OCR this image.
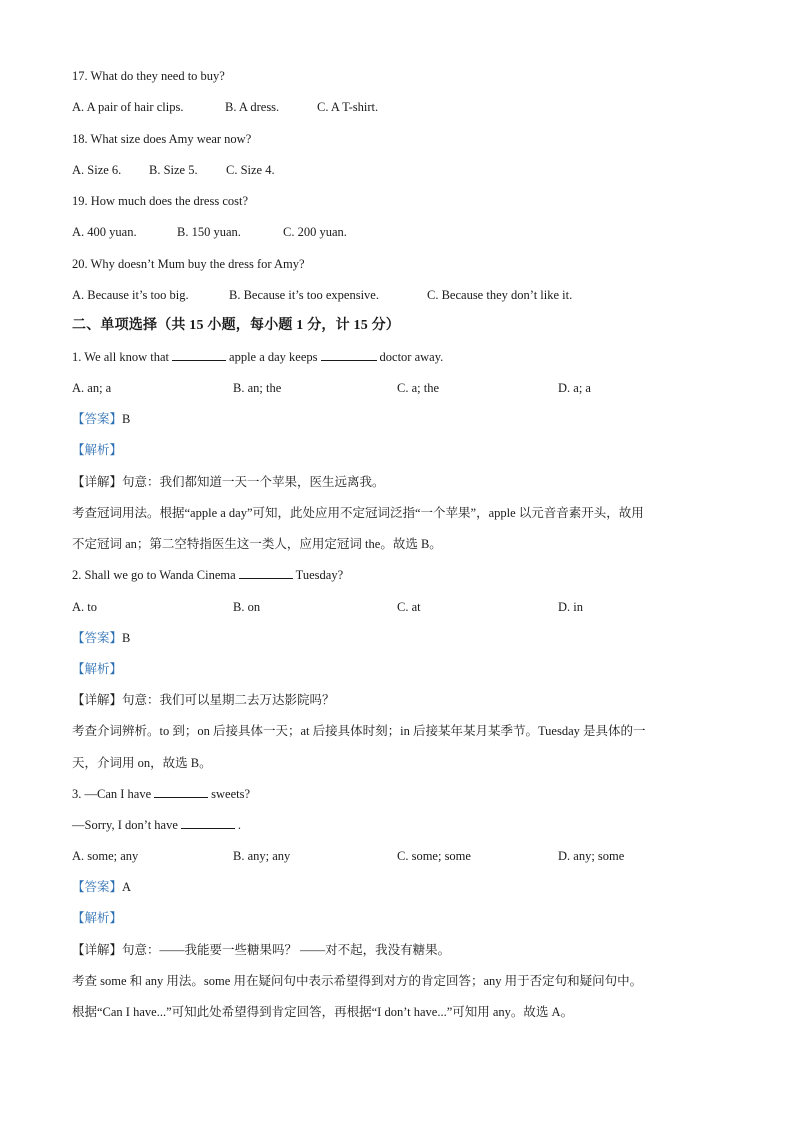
17. What do they need to buy?
A. A pair of hair clips.	B. A dress.	C. A T-shirt.
18. What size does Amy wear now?
A. Size 6. B. Size 5. C. Size 4.
19. How much does the dress cost?
A. 400 yuan.	B. 150 yuan.	C. 200 yuan.
20. Why doesn’t Mum buy the dress for Amy?
A. Because it’s too big.	B. Because it’s too expensive.	C. Because they don’t like it.
二、单项选择（共 15 小题，每小题 1 分，计 15 分）
1. We all know that	apple a day keeps	doctor away.
A. an; a	B. an; the	C. a; the	D. a; a
【答案】B
【解析】
【详解】句意：我们都知道一天一个苹果，医生远离我。
考查冠词用法。根据“apple a day”可知，此处应用不定冠词泛指“一个苹果”，apple 以元音音素开头，故用
不定冠词 an；第二空特指医生这一类人，应用定冠词 the。故选 B。
2. Shall we go to Wanda Cinema	Tuesday?
A. to	B. on	C. at	D. in
【答案】B
【解析】
【详解】句意：我们可以星期二去万达影院吗？
考查介词辨析。to 到；on 后接具体一天；at 后接具体时刻；in 后接某年某月某季节。Tuesday 是具体的一
天，介词用 on，故选 B。
3. —Can I have	sweets?
—Sorry, I don’t have	.
A. some; any	B. any; any	C. some; some	D. any; some
【答案】A
【解析】
【详解】句意：——我能要一些糖果吗？ ——对不起，我没有糖果。
考查 some 和 any 用法。some 用在疑问句中表示希望得到对方的肯定回答；any 用于否定句和疑问句中。
根据“Can I have...”可知此处希望得到肯定回答，再根据“I don’t have...”可知用 any。故选 A。
